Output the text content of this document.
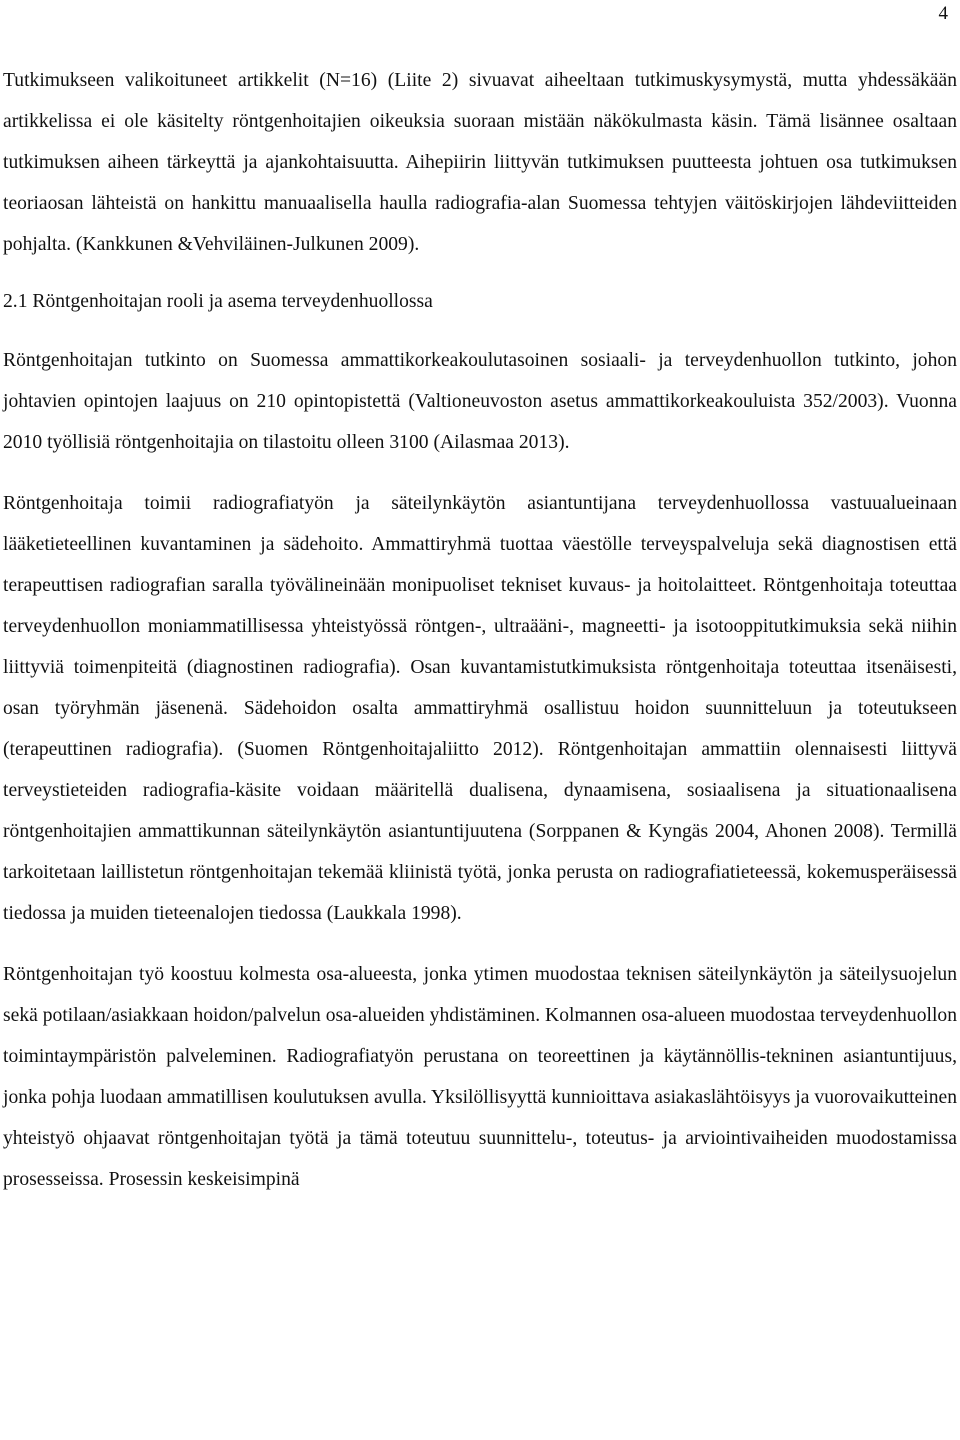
4

Tutkimukseen valikoituneet artikkelit (N=16) (Liite 2) sivuavat aiheeltaan tutkimuskysymystä, mutta yhdessäkään artikkelissa ei ole käsitelty röntgenhoitajien oikeuksia suoraan mistään näkökulmasta käsin. Tämä lisännee osaltaan tutkimuksen aiheen tärkeyttä ja ajankohtaisuutta. Aihepiirin liittyvän tutkimuksen puutteesta johtuen osa tutkimuksen teoriaosan lähteistä on hankittu manuaalisella haulla radiografia-alan Suomessa tehtyjen väitöskirjojen lähdeviitteiden pohjalta. (Kankkunen &Vehviläinen-Julkunen 2009).

2.1 Röntgenhoitajan rooli ja asema terveydenhuollossa

Röntgenhoitajan tutkinto on Suomessa ammattikorkeakoulutasoinen sosiaali- ja terveydenhuollon tutkinto, johon johtavien opintojen laajuus on 210 opintopistettä (Valtioneuvoston asetus ammattikorkeakouluista 352/2003). Vuonna 2010 työllisiä röntgenhoitajia on tilastoitu olleen 3100 (Ailasmaa 2013).

Röntgenhoitaja toimii radiografiatyön ja säteilynkäytön asiantuntijana terveydenhuollossa vastuualueinaan lääketieteellinen kuvantaminen ja sädehoito. Ammattiryhmä tuottaa väestölle terveyspalveluja sekä diagnostisen että terapeuttisen radiografian saralla työvälineinään monipuoliset tekniset kuvaus- ja hoitolaitteet. Röntgenhoitaja toteuttaa terveydenhuollon moniammatillisessa yhteistyössä röntgen-, ultraääni-, magneetti- ja isotooppitutkimuksia sekä niihin liittyviä toimenpiteitä (diagnostinen radiografia). Osan kuvantamistutkimuksista röntgenhoitaja toteuttaa itsenäisesti, osan työryhmän jäsenenä. Sädehoidon osalta ammattiryhmä osallistuu hoidon suunnitteluun ja toteutukseen (terapeuttinen radiografia). (Suomen Röntgenhoitajaliitto 2012). Röntgenhoitajan ammattiin olennaisesti liittyvä terveystieteiden radiografia-käsite voidaan määritellä dualisena, dynaamisena, sosiaalisena ja situationaalisena röntgenhoitajien ammattikunnan säteilynkäytön asiantuntijuutena (Sorppanen & Kyngäs 2004, Ahonen 2008). Termillä tarkoitetaan laillistetun röntgenhoitajan tekemää kliinistä työtä, jonka perusta on radiografiatieteessä, kokemusperäisessä tiedossa ja muiden tieteenalojen tiedossa (Laukkala 1998).

Röntgenhoitajan työ koostuu kolmesta osa-alueesta, jonka ytimen muodostaa teknisen säteilynkäytön ja säteilysuojelun sekä potilaan/asiakkaan hoidon/palvelun osa-alueiden yhdistäminen. Kolmannen osa-alueen muodostaa terveydenhuollon toimintaympäristön palveleminen. Radiografiatyön perustana on teoreettinen ja käytännöllis-tekninen asiantuntijuus, jonka pohja luodaan ammatillisen koulutuksen avulla. Yksilöllisyyttä kunnioittava asiakaslähtöisyys ja vuorovaikutteinen yhteistyö ohjaavat röntgenhoitajan työtä ja tämä toteutuu suunnittelu-, toteutus- ja arviointivaiheiden muodostamissa prosesseissa. Prosessin keskeisimpinä
